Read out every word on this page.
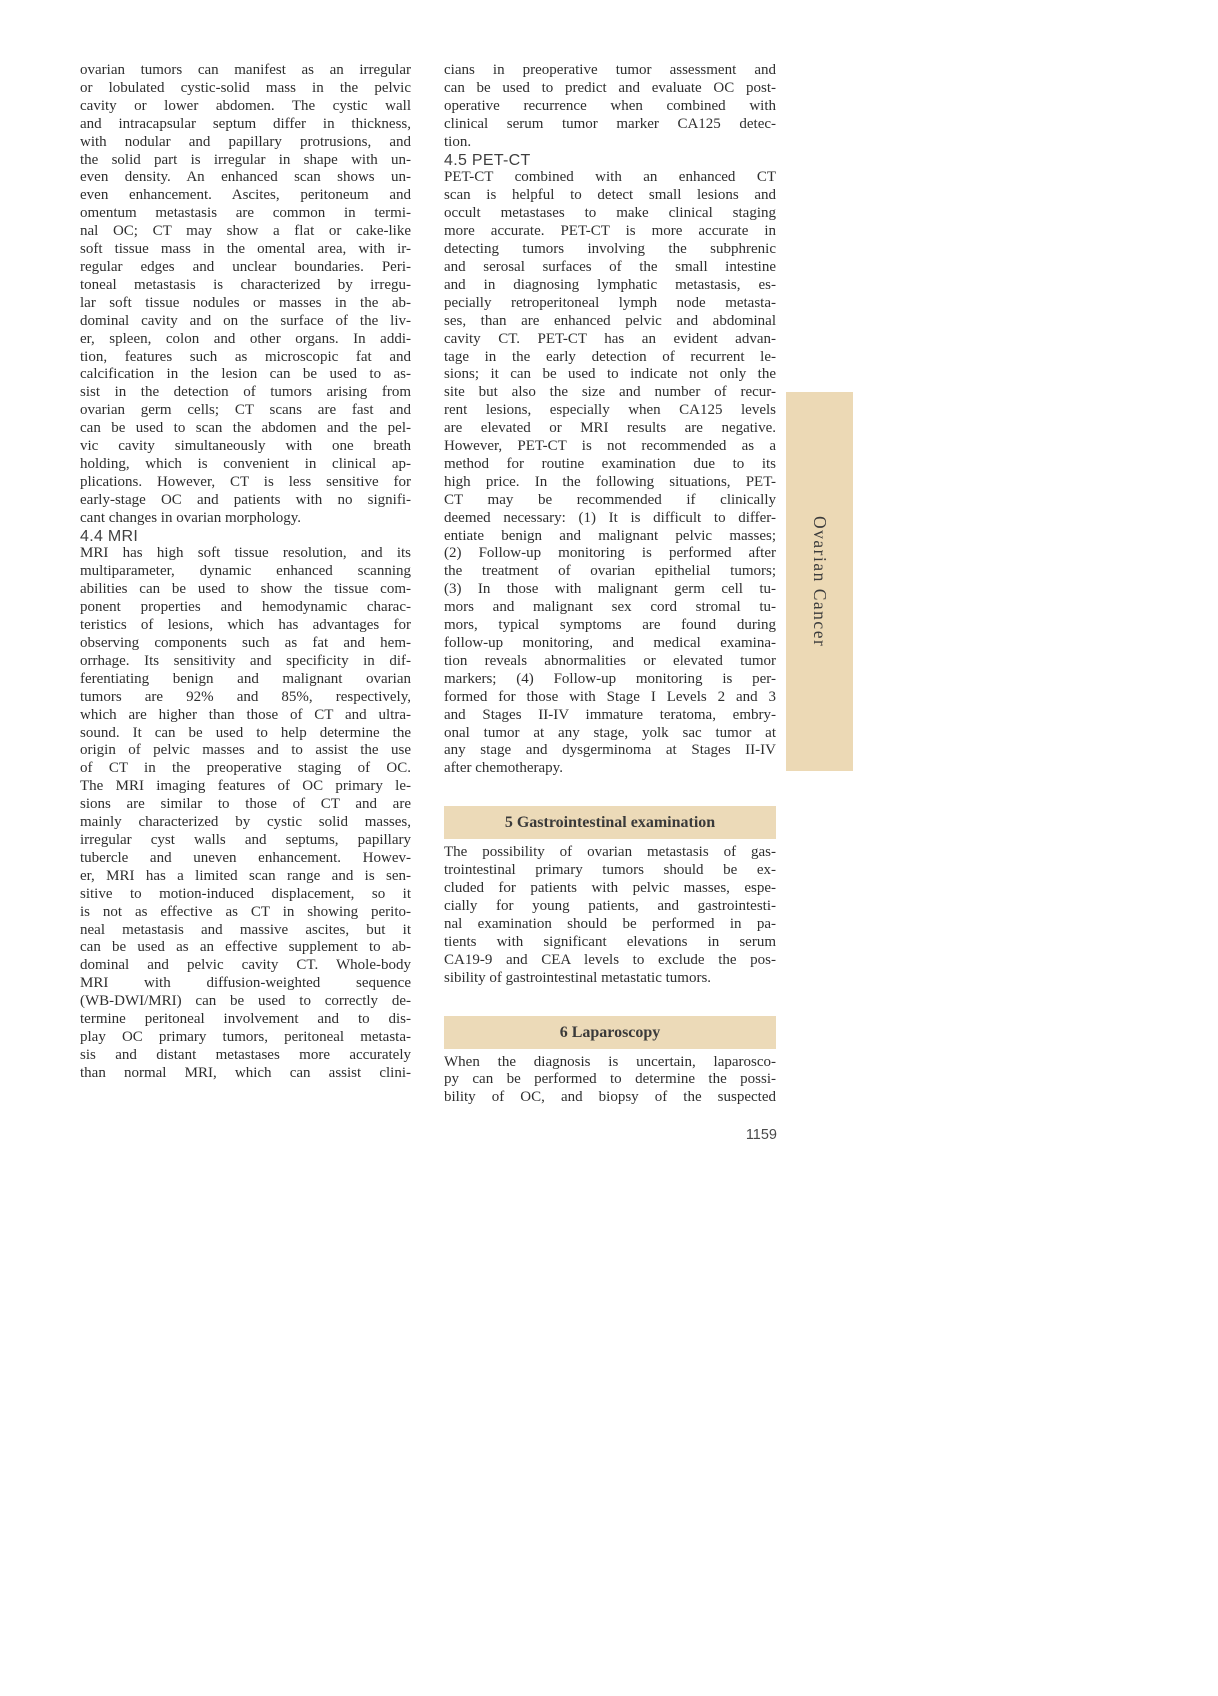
ovarian tumors can manifest as an irregular
or lobulated cystic-solid mass in the pelvic
cavity or lower abdomen. The cystic wall
and intracapsular septum differ in thickness,
with nodular and papillary protrusions, and
the solid part is irregular in shape with un-
even density. An enhanced scan shows un-
even enhancement. Ascites, peritoneum and
omentum metastasis are common in termi-
nal OC; CT may show a flat or cake-like
soft tissue mass in the omental area, with ir-
regular edges and unclear boundaries. Peri-
toneal metastasis is characterized by irregu-
lar soft tissue nodules or masses in the ab-
dominal cavity and on the surface of the liv-
er, spleen, colon and other organs. In addi-
tion, features such as microscopic fat and
calcification in the lesion can be used to as-
sist in the detection of tumors arising from
ovarian germ cells; CT scans are fast and
can be used to scan the abdomen and the pel-
vic cavity simultaneously with one breath
holding, which is convenient in clinical ap-
plications. However, CT is less sensitive for
early-stage OC and patients with no signifi-
cant changes in ovarian morphology.
4.4 MRI
MRI has high soft tissue resolution, and its
multiparameter, dynamic enhanced scanning
abilities can be used to show the tissue com-
ponent properties and hemodynamic charac-
teristics of lesions, which has advantages for
observing components such as fat and hem-
orrhage. Its sensitivity and specificity in dif-
ferentiating benign and malignant ovarian
tumors are 92% and 85%, respectively,
which are higher than those of CT and ultra-
sound. It can be used to help determine the
origin of pelvic masses and to assist the use
of CT in the preoperative staging of OC.
The MRI imaging features of OC primary le-
sions are similar to those of CT and are
mainly characterized by cystic solid masses,
irregular cyst walls and septums, papillary
tubercle and uneven enhancement. Howev-
er, MRI has a limited scan range and is sen-
sitive to motion-induced displacement, so it
is not as effective as CT in showing perito-
neal metastasis and massive ascites, but it
can be used as an effective supplement to ab-
dominal and pelvic cavity CT. Whole-body
MRI with diffusion-weighted sequence
(WB-DWI/MRI) can be used to correctly de-
termine peritoneal involvement and to dis-
play OC primary tumors, peritoneal metasta-
sis and distant metastases more accurately
than normal MRI, which can assist clini-
cians in preoperative tumor assessment and
can be used to predict and evaluate OC post-
operative recurrence when combined with
clinical serum tumor marker CA125 detec-
tion.
4.5 PET-CT
PET-CT combined with an enhanced CT
scan is helpful to detect small lesions and
occult metastases to make clinical staging
more accurate. PET-CT is more accurate in
detecting tumors involving the subphrenic
and serosal surfaces of the small intestine
and in diagnosing lymphatic metastasis, es-
pecially retroperitoneal lymph node metasta-
ses, than are enhanced pelvic and abdominal
cavity CT. PET-CT has an evident advan-
tage in the early detection of recurrent le-
sions; it can be used to indicate not only the
site but also the size and number of recur-
rent lesions, especially when CA125 levels
are elevated or MRI results are negative.
However, PET-CT is not recommended as a
method for routine examination due to its
high price. In the following situations, PET-
CT may be recommended if clinically
deemed necessary: (1) It is difficult to differ-
entiate benign and malignant pelvic masses;
(2) Follow-up monitoring is performed after
the treatment of ovarian epithelial tumors;
(3) In those with malignant germ cell tu-
mors and malignant sex cord stromal tu-
mors, typical symptoms are found during
follow-up monitoring, and medical examina-
tion reveals abnormalities or elevated tumor
markers; (4) Follow-up monitoring is per-
formed for those with Stage I Levels 2 and 3
and Stages II-IV immature teratoma, embry-
onal tumor at any stage, yolk sac tumor at
any stage and dysgerminoma at Stages II-IV
after chemotherapy.
5 Gastrointestinal examination
The possibility of ovarian metastasis of gas-
trointestinal primary tumors should be ex-
cluded for patients with pelvic masses, espe-
cially for young patients, and gastrointesti-
nal examination should be performed in pa-
tients with significant elevations in serum
CA19-9 and CEA levels to exclude the pos-
sibility of gastrointestinal metastatic tumors.
6 Laparoscopy
When the diagnosis is uncertain, laparosco-
py can be performed to determine the possi-
bility of OC, and biopsy of the suspected
Ovarian Cancer
1159
